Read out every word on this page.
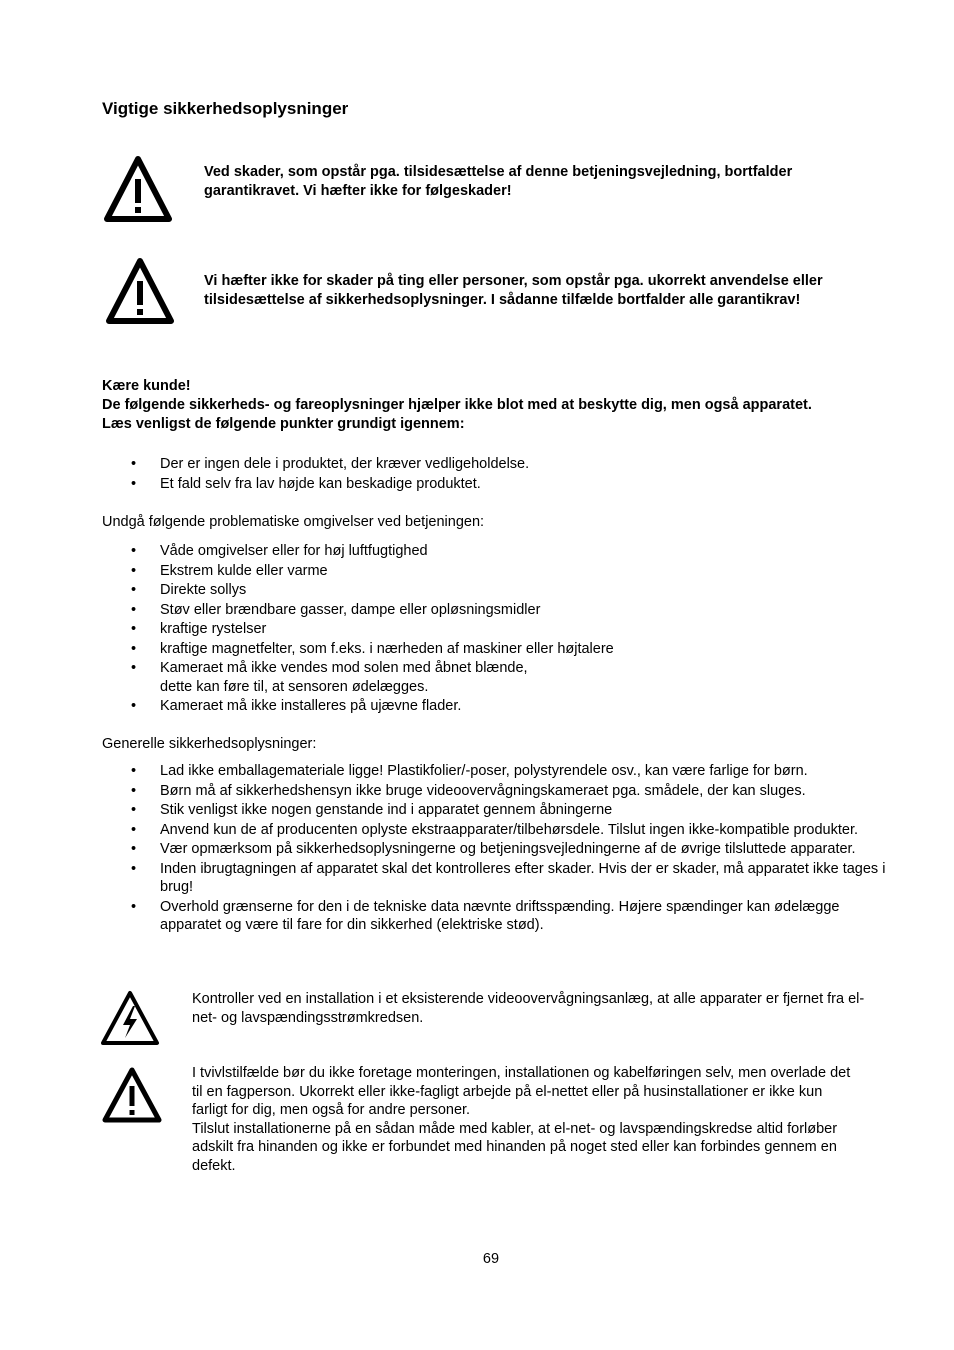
Vigtige sikkerhedsoplysninger
Ved skader, som opstår pga. tilsidesættelse af denne betjeningsvejledning, bortfalder garantikravet. Vi hæfter ikke for følgeskader!
Vi hæfter ikke for skader på ting eller personer, som opstår pga. ukorrekt anvendelse eller tilsidesættelse af sikkerhedsoplysninger. I sådanne tilfælde bortfalder alle garantikrav!
Kære kunde!
De følgende sikkerheds- og fareoplysninger hjælper ikke blot med at beskytte dig, men også apparatet. Læs venligst de følgende punkter grundigt igennem:
• Der er ingen dele i produktet, der kræver vedligeholdelse.
• Et fald selv fra lav højde kan beskadige produktet.
Undgå følgende problematiske omgivelser ved betjeningen:
• Våde omgivelser eller for høj luftfugtighed
• Ekstrem kulde eller varme
• Direkte sollys
• Støv eller brændbare gasser, dampe eller opløsningsmidler
• kraftige rystelser
• kraftige magnetfelter, som f.eks. i nærheden af maskiner eller højtalere
• Kameraet må ikke vendes mod solen med åbnet blænde,
dette kan føre til, at sensoren ødelægges.
• Kameraet må ikke installeres på ujævne flader.
Generelle sikkerhedsoplysninger:
• Lad ikke emballagemateriale ligge! Plastikfolier/-poser, polystyrendele osv., kan være farlige for børn.
• Børn må af sikkerhedshensyn ikke bruge videoovervågningskameraet pga. smådele, der kan sluges.
• Stik venligst ikke nogen genstande ind i apparatet gennem åbningerne
• Anvend kun de af producenten oplyste ekstraapparater/tilbehørsdele. Tilslut ingen ikke-kompatible produkter.
• Vær opmærksom på sikkerhedsoplysningerne og betjeningsvejledningerne af de øvrige tilsluttede apparater.
• Inden ibrugtagningen af apparatet skal det kontrolleres efter skader. Hvis der er skader, må apparatet ikke tages i brug!
• Overhold grænserne for den i de tekniske data nævnte driftsspænding. Højere spændinger kan ødelægge apparatet og være til fare for din sikkerhed (elektriske stød).
Kontroller ved en installation i et eksisterende videoovervågningsanlæg, at alle apparater er fjernet fra el-net- og lavspændingsstrømkredsen.
I tvivlstilfælde bør du ikke foretage monteringen, installationen og kabelføringen selv, men overlade det til en fagperson. Ukorrekt eller ikke-fagligt arbejde på el-nettet eller på husinstallationer er ikke kun farligt for dig, men også for andre personer.
Tilslut installationerne på en sådan måde med kabler, at el-net- og lavspændingskredse altid forløber adskilt fra hinanden og ikke er forbundet med hinanden på noget sted eller kan forbindes gennem en defekt.
69
